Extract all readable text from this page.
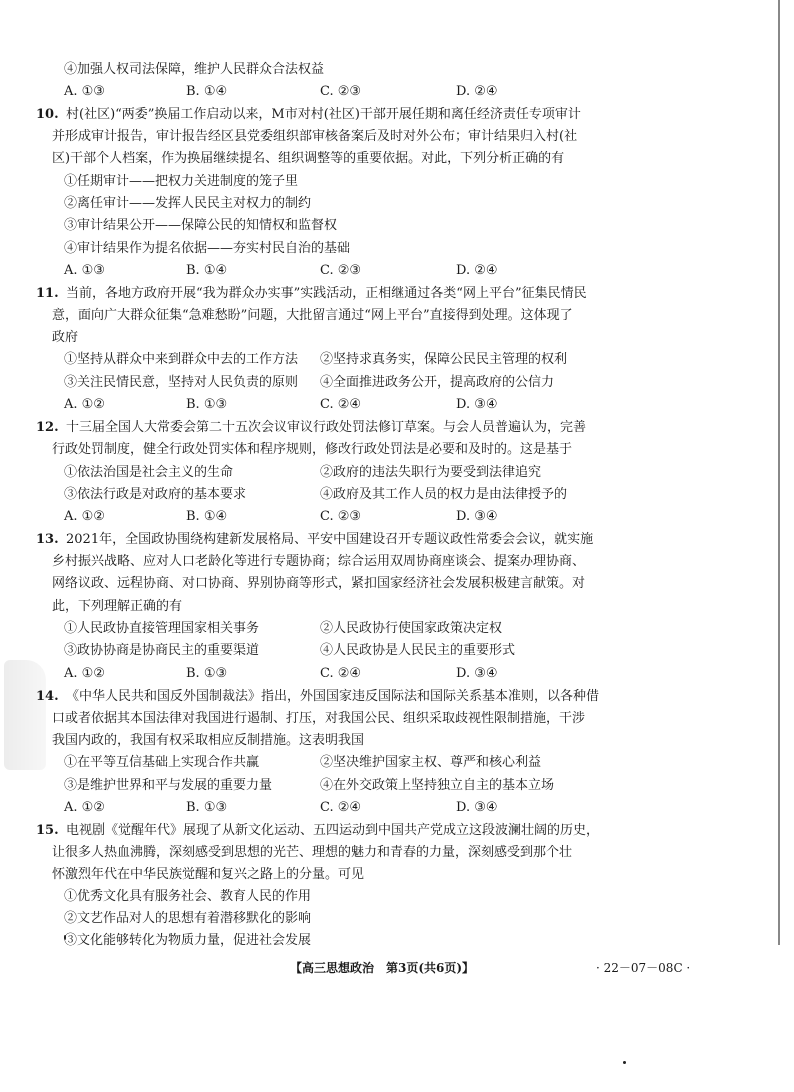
④加强人权司法保障，维护人民群众合法权益
A. ①③	B. ①④	C. ②③	D. ②④
10. 村(社区)“两委”换届工作启动以来，M市对村(社区)干部开展任期和离任经济责任专项审计
并形成审计报告，审计报告经区县党委组织部审核备案后及时对外公布；审计结果归入村(社
区)干部个人档案，作为换届继续提名、组织调整等的重要依据。对此，下列分析正确的有
①任期审计——把权力关进制度的笼子里
②离任审计——发挥人民民主对权力的制约
③审计结果公开——保障公民的知情权和监督权
④审计结果作为提名依据——夯实村民自治的基础
A. ①③	B. ①④	C. ②③	D. ②④
11. 当前，各地方政府开展“我为群众办实事”实践活动，正相继通过各类“网上平台”征集民情民
意，面向广大群众征集“急难愁盼”问题，大批留言通过“网上平台”直接得到处理。这体现了
政府
①坚持从群众中来到群众中去的工作方法 ②坚持求真务实，保障公民民主管理的权利
③关注民情民意，坚持对人民负责的原则 ④全面推进政务公开，提高政府的公信力
A. ①②	B. ①③	C. ②④	D. ③④
12. 十三届全国人大常委会第二十五次会议审议行政处罚法修订草案。与会人员普遍认为，完善
行政处罚制度，健全行政处罚实体和程序规则，修改行政处罚法是必要和及时的。这是基于
①依法治国是社会主义的生命	②政府的违法失职行为要受到法律追究
③依法行政是对政府的基本要求	④政府及其工作人员的权力是由法律授予的
A. ①②	B. ①④	C. ②③	D. ③④
13. 2021年，全国政协围绕构建新发展格局、平安中国建设召开专题议政性常委会会议，就实施
乡村振兴战略、应对人口老龄化等进行专题协商；综合运用双周协商座谈会、提案办理协商、
网络议政、远程协商、对口协商、界别协商等形式，紧扣国家经济社会发展积极建言献策。对
此，下列理解正确的有
①人民政协直接管理国家相关事务	②人民政协行使国家政策决定权
③政协协商是协商民主的重要渠道	④人民政协是人民民主的重要形式
A. ①②	B. ①③	C. ②④	D. ③④
14. 《中华人民共和国反外国制裁法》指出，外国国家违反国际法和国际关系基本准则，以各种借
口或者依据其本国法律对我国进行遏制、打压，对我国公民、组织采取歧视性限制措施，干涉
我国内政的，我国有权采取相应反制措施。这表明我国
①在平等互信基础上实现合作共赢	②坚决维护国家主权、尊严和核心利益
③是维护世界和平与发展的重要力量	④在外交政策上坚持独立自主的基本立场
A. ①②	B. ①③	C. ②④	D. ③④
15. 电视剧《觉醒年代》展现了从新文化运动、五四运动到中国共产党成立这段波澜壮阔的历史，
让很多人热血沸腾，深刻感受到思想的光芒、理想的魅力和青春的力量，深刻感受到那个壮
怀激烈年代在中华民族觉醒和复兴之路上的分量。可见
①优秀文化具有服务社会、教育人民的作用
②文艺作品对人的思想有着潜移默化的影响
③文化能够转化为物质力量，促进社会发展
【高三思想政治　第3页(共6页)】	· 22－07－08C ·
